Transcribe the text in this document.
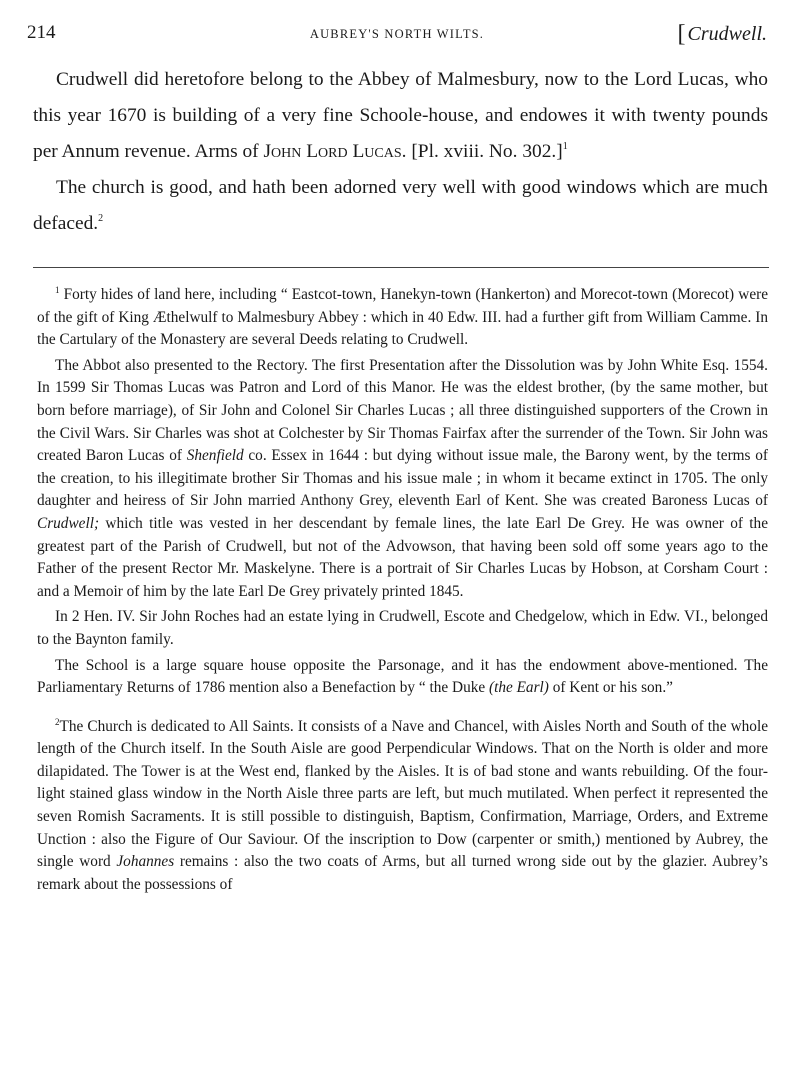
214	AUBREY'S NORTH WILTS.	[ Crudwell.

Crudwell did heretofore belong to the Abbey of Malmesbury, now to the Lord Lucas, who this year 1670 is building of a very fine Schoole-house, and endowes it with twenty pounds per Annum revenue. Arms of John Lord Lucas. [Pl. xviii. No. 302.]$^1$

The church is good, and hath been adorned very well with good windows which are much defaced.$^2$

$^1$ Forty hides of land here, including “ Eastcot-town, Hanekyn-town (Hankerton) and Morecot-town (Morecot) were of the gift of King Æthelwulf to Malmesbury Abbey : which in 40 Edw. III. had a further gift from William Camme. In the Cartulary of the Monastery are several Deeds relating to Crudwell.

The Abbot also presented to the Rectory. The first Presentation after the Dissolution was by John White Esq. 1554. In 1599 Sir Thomas Lucas was Patron and Lord of this Manor. He was the eldest brother, (by the same mother, but born before marriage), of Sir John and Colonel Sir Charles Lucas ; all three distinguished supporters of the Crown in the Civil Wars. Sir Charles was shot at Colchester by Sir Thomas Fairfax after the surrender of the Town. Sir John was created Baron Lucas of Shenfield co. Essex in 1644 : but dying without issue male, the Barony went, by the terms of the creation, to his illegitimate brother Sir Thomas and his issue male ; in whom it became extinct in 1705. The only daughter and heiress of Sir John married Anthony Grey, eleventh Earl of Kent. She was created Baroness Lucas of Crudwell; which title was vested in her descendant by female lines, the late Earl De Grey. He was owner of the greatest part of the Parish of Crudwell, but not of the Advowson, that having been sold off some years ago to the Father of the present Rector Mr. Maskelyne. There is a portrait of Sir Charles Lucas by Hobson, at Corsham Court : and a Memoir of him by the late Earl De Grey privately printed 1845.

In 2 Hen. IV. Sir John Roches had an estate lying in Crudwell, Escote and Chedgelow, which in Edw. VI., belonged to the Baynton family.

The School is a large square house opposite the Parsonage, and it has the endowment above-mentioned. The Parliamentary Returns of 1786 mention also a Benefaction by “ the Duke (the Earl) of Kent or his son.”

$^2$The Church is dedicated to All Saints. It consists of a Nave and Chancel, with Aisles North and South of the whole length of the Church itself. In the South Aisle are good Perpendicular Windows. That on the North is older and more dilapidated. The Tower is at the West end, flanked by the Aisles. It is of bad stone and wants rebuilding. Of the four-light stained glass window in the North Aisle three parts are left, but much mutilated. When perfect it represented the seven Romish Sacraments. It is still possible to distinguish, Baptism, Confirmation, Marriage, Orders, and Extreme Unction : also the Figure of Our Saviour. Of the inscription to Dow (carpenter or smith,) mentioned by Aubrey, the single word Johannes remains : also the two coats of Arms, but all turned wrong side out by the glazier. Aubrey’s remark about the possessions of
